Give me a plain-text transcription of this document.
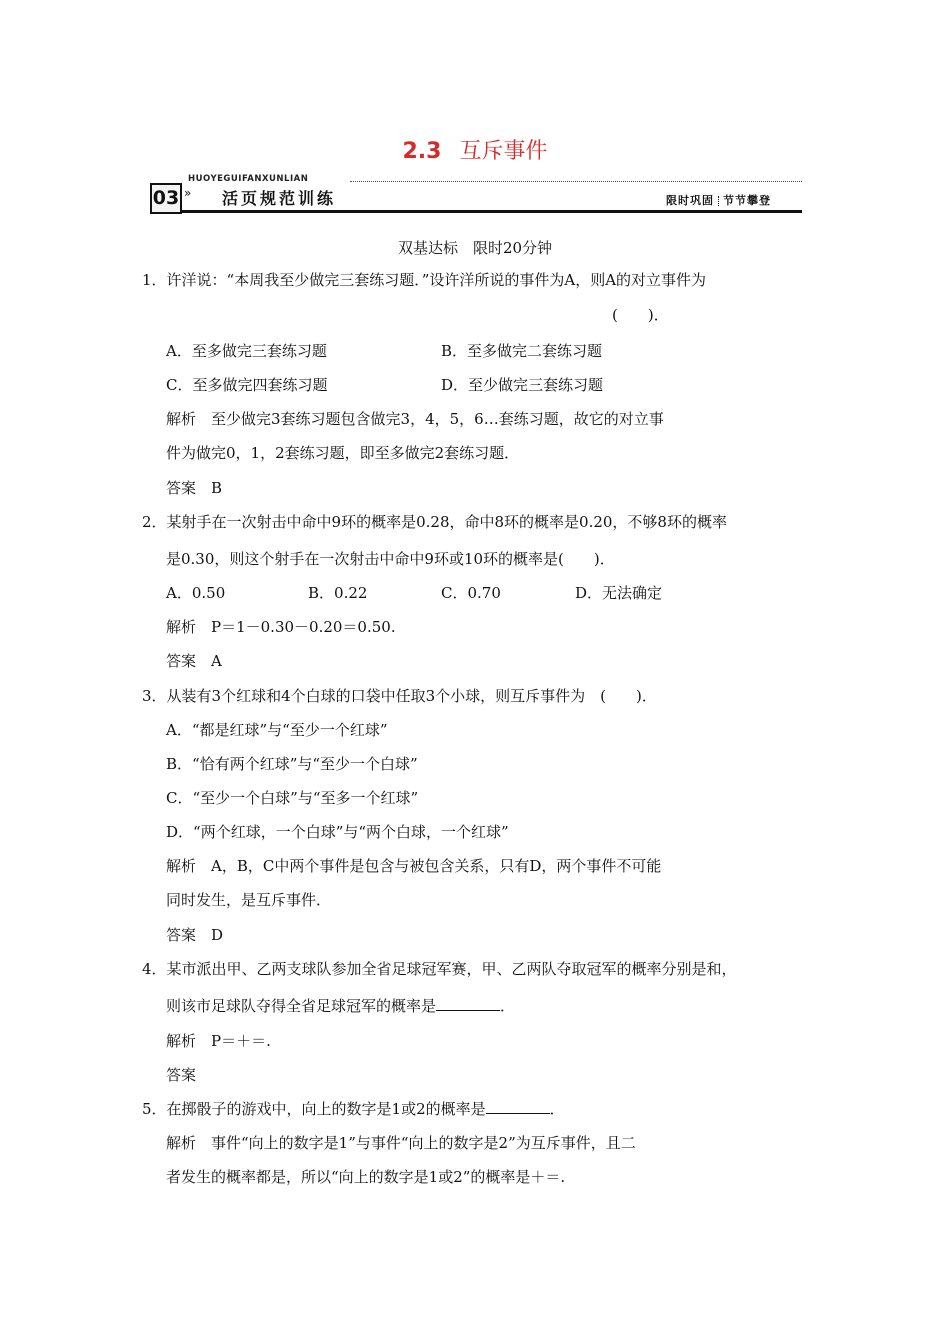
2.3 互斥事件
HUOYEGUIFANXUNLIAN
03 » 活页规范训练	限时巩固 节节攀登
双基达标　限时20分钟
1．许洋说：“本周我至少做完三套练习题．”设许洋所说的事件为A，则A的对立事件为
(　　)．
A．至多做完三套练习题	B．至多做完二套练习题
C．至多做完四套练习题	D．至少做完三套练习题
解析　至少做完3套练习题包含做完3，4，5，6…套练习题，故它的对立事
件为做完0，1，2套练习题，即至多做完2套练习题．
答案　B
2．某射手在一次射击中命中9环的概率是0.28，命中8环的概率是0.20，不够8环的概率
是0.30，则这个射手在一次射击中命中9环或10环的概率是(　　)．
A．0.50	B．0.22	C．0.70	D．无法确定
解析　P＝1－0.30－0.20＝0.50.
答案　A
3．从装有3个红球和4个白球的口袋中任取3个小球，则互斥事件为　(　　)．
A．“都是红球”与“至少一个红球”
B．“恰有两个红球”与“至少一个白球”
C．“至少一个白球”与“至多一个红球”
D．“两个红球，一个白球”与“两个白球，一个红球”
解析　A，B，C中两个事件是包含与被包含关系，只有D，两个事件不可能
同时发生，是互斥事件．
答案　D
4．某市派出甲、乙两支球队参加全省足球冠军赛，甲、乙两队夺取冠军的概率分别是和，
则该市足球队夺得全省足球冠军的概率是	．
解析　P＝＋＝.
答案
5．在掷骰子的游戏中，向上的数字是1或2的概率是	．
解析　事件“向上的数字是1”与事件“向上的数字是2”为互斥事件，且二
者发生的概率都是，所以“向上的数字是1或2”的概率是＋＝.
